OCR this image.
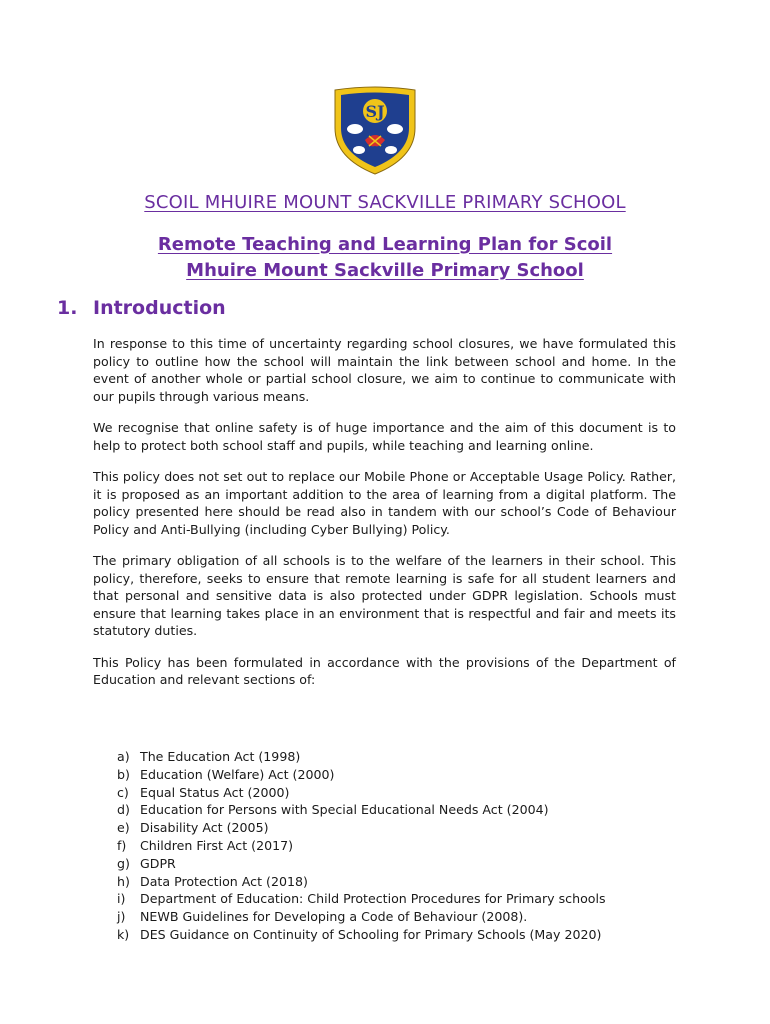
SJ
SCOIL MHUIRE MOUNT SACKVILLE PRIMARY SCHOOL
Remote Teaching and Learning Plan for Scoil
Mhuire Mount Sackville Primary School
1. Introduction

In response to this time of uncertainty regarding school closures, we have formulated this policy to outline how the school will maintain the link between school and home. In the event of another whole or partial school closure, we aim to continue to communicate with our pupils through various means.

We recognise that online safety is of huge importance and the aim of this document is to help to protect both school staff and pupils, while teaching and learning online.

This policy does not set out to replace our Mobile Phone or Acceptable Usage Policy. Rather, it is proposed as an important addition to the area of learning from a digital platform. The policy presented here should be read also in tandem with our school’s Code of Behaviour Policy and Anti-Bullying (including Cyber Bullying) Policy.

The primary obligation of all schools is to the welfare of the learners in their school. This policy, therefore, seeks to ensure that remote learning is safe for all student learners and that personal and sensitive data is also protected under GDPR legislation. Schools must ensure that learning takes place in an environment that is respectful and fair and meets its statutory duties.

This Policy has been formulated in accordance with the provisions of the Department of Education and relevant sections of:

a) The Education Act (1998)
b) Education (Welfare) Act (2000)
c) Equal Status Act (2000)
d) Education for Persons with Special Educational Needs Act (2004)
e) Disability Act (2005)
f)	Children First Act (2017)
g) GDPR
h) Data Protection Act (2018)
i)	Department of Education: Child Protection Procedures for Primary schools
j)	NEWB Guidelines for Developing a Code of Behaviour (2008).
k) DES Guidance on Continuity of Schooling for Primary Schools (May 2020)
